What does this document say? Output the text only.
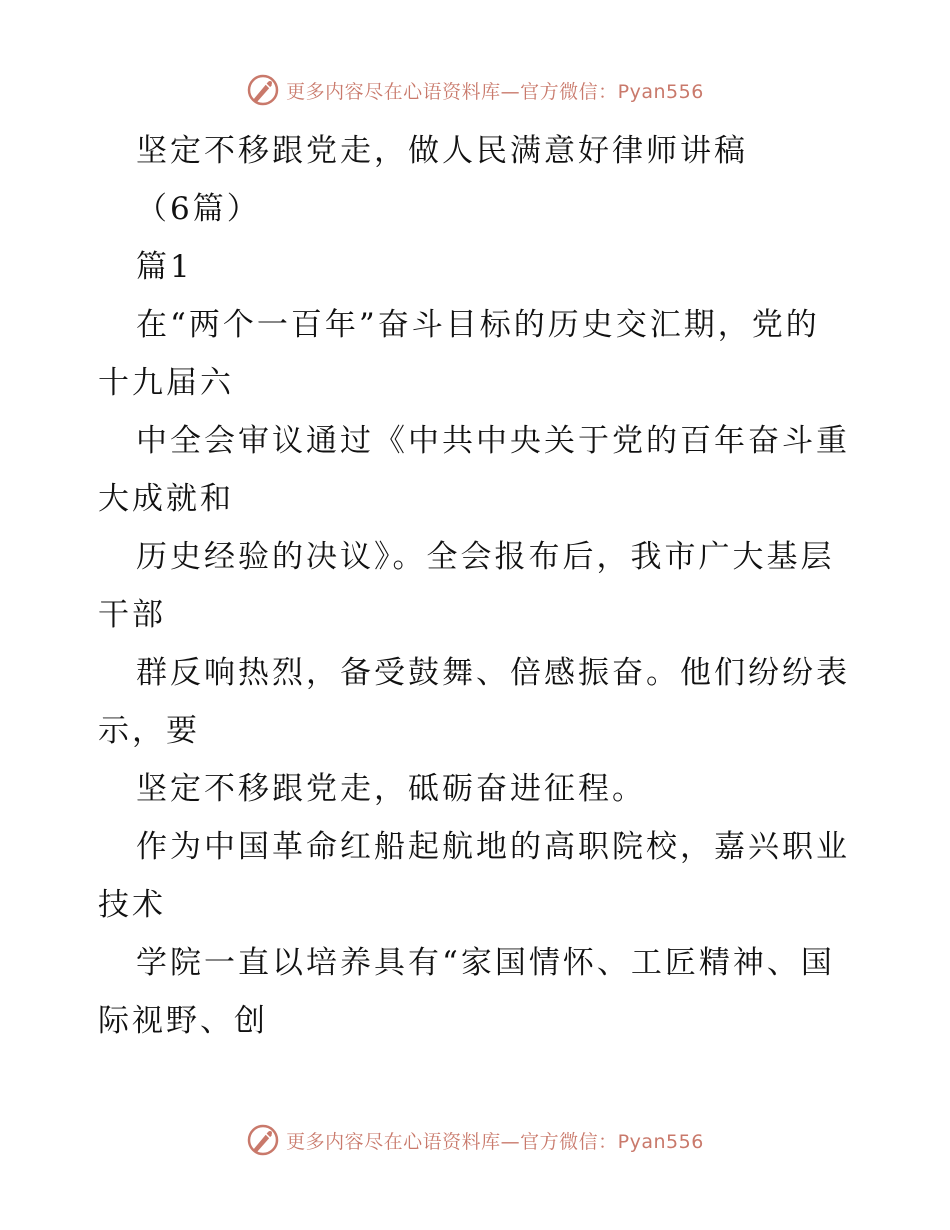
更多内容尽在心语资料库—官方微信：Pyan556
坚定不移跟党走，做人民满意好律师讲稿
（6篇）
篇1
在“两个一百年”奋斗目标的历史交汇期，党的
十九届六
中全会审议通过《中共中央关于党的百年奋斗重
大成就和
历史经验的决议》。全会报布后，我市广大基层
干部
群反响热烈，备受鼓舞、倍感振奋。他们纷纷表
示，要
坚定不移跟党走，砥砺奋进征程。
作为中国革命红船起航地的高职院校，嘉兴职业
技术
学院一直以培养具有“家国情怀、工匠精神、国
际视野、创
更多内容尽在心语资料库—官方微信：Pyan556
